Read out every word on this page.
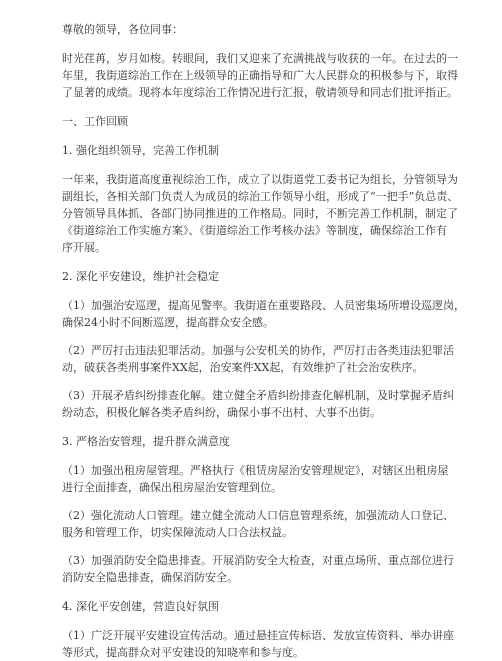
尊敬的领导，各位同事：

时光荏苒，岁月如梭。转眼间，我们又迎来了充满挑战与收获的一年。在过去的一

年里，我街道综治工作在上级领导的正确指导和广大人民群众的积极参与下，取得

了显著的成绩。现将本年度综治工作情况进行汇报，敬请领导和同志们批评指正。

一、工作回顾

1. 强化组织领导，完善工作机制

一年来，我街道高度重视综治工作，成立了以街道党工委书记为组长，分管领导为

副组长，各相关部门负责人为成员的综治工作领导小组，形成了“一把手”负总责、

分管领导具体抓、各部门协同推进的工作格局。同时，不断完善工作机制，制定了

《街道综治工作实施方案》、《街道综治工作考核办法》等制度，确保综治工作有

序开展。

2. 深化平安建设，维护社会稳定

（1）加强治安巡逻，提高见警率。我街道在重要路段、人员密集场所增设巡逻岗，

确保24小时不间断巡逻，提高群众安全感。

（2）严厉打击违法犯罪活动。加强与公安机关的协作，严厉打击各类违法犯罪活

动，破获各类刑事案件XX起，治安案件XX起，有效维护了社会治安秩序。

（3）开展矛盾纠纷排查化解。建立健全矛盾纠纷排查化解机制，及时掌握矛盾纠

纷动态，积极化解各类矛盾纠纷，确保小事不出村、大事不出街。

3. 严格治安管理，提升群众满意度

（1）加强出租房屋管理。严格执行《租赁房屋治安管理规定》，对辖区出租房屋

进行全面排查，确保出租房屋治安管理到位。

（2）强化流动人口管理。建立健全流动人口信息管理系统，加强流动人口登记、

服务和管理工作，切实保障流动人口合法权益。

（3）加强消防安全隐患排查。开展消防安全大检查，对重点场所、重点部位进行

消防安全隐患排查，确保消防安全。

4. 深化平安创建，营造良好氛围

（1）广泛开展平安建设宣传活动。通过悬挂宣传标语、发放宣传资料、举办讲座

等形式，提高群众对平安建设的知晓率和参与度。
